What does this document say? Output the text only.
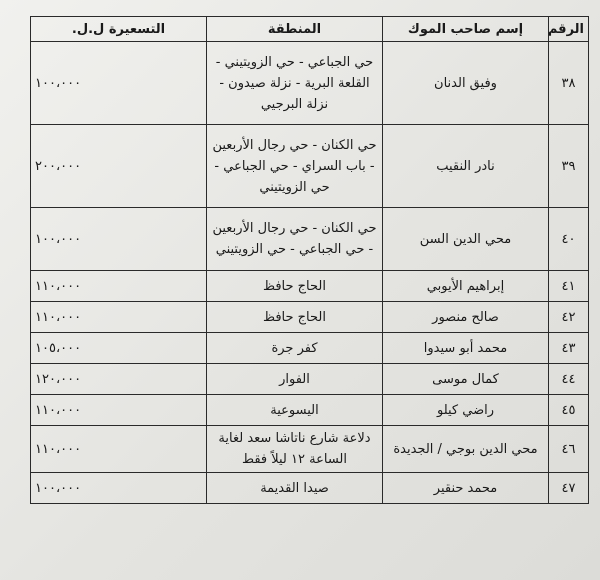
الرقم	إسم صاحب الموك	المنطقة	التسعيرة ل.ل.
٣٨	وفيق الدنان	حي الجباعي - حي الزويتيني - القلعة البرية - نزلة صيدون - نزلة البرجيي	١٠٠،٠٠٠
٣٩	نادر النقيب	حي الكنان - حي رجال الأربعين - باب السراي - حي الجباعي - حي الزويتيني	٢٠٠،٠٠٠
٤٠	محي الدين السن	حي الكنان - حي رجال الأربعين - حي الجباعي - حي الزويتيني	١٠٠،٠٠٠
٤١	إبراهيم الأيوبي	الحاج حافظ	١١٠،٠٠٠
٤٢	صالح منصور	الحاج حافظ	١١٠،٠٠٠
٤٣	محمد أبو سيدوا	كفر جرة	١٠٥،٠٠٠
٤٤	كمال موسى	الفوار	١٢٠،٠٠٠
٤٥	راضي كيلو	اليسوعية	١١٠،٠٠٠
٤٦	محي الدين بوجي / الجديدة	دلاعة شارع ناتاشا سعد لغاية الساعة ١٢ ليلاً فقط	١١٠،٠٠٠
٤٧	محمد حنقير	صيدا القديمة	١٠٠،٠٠٠
